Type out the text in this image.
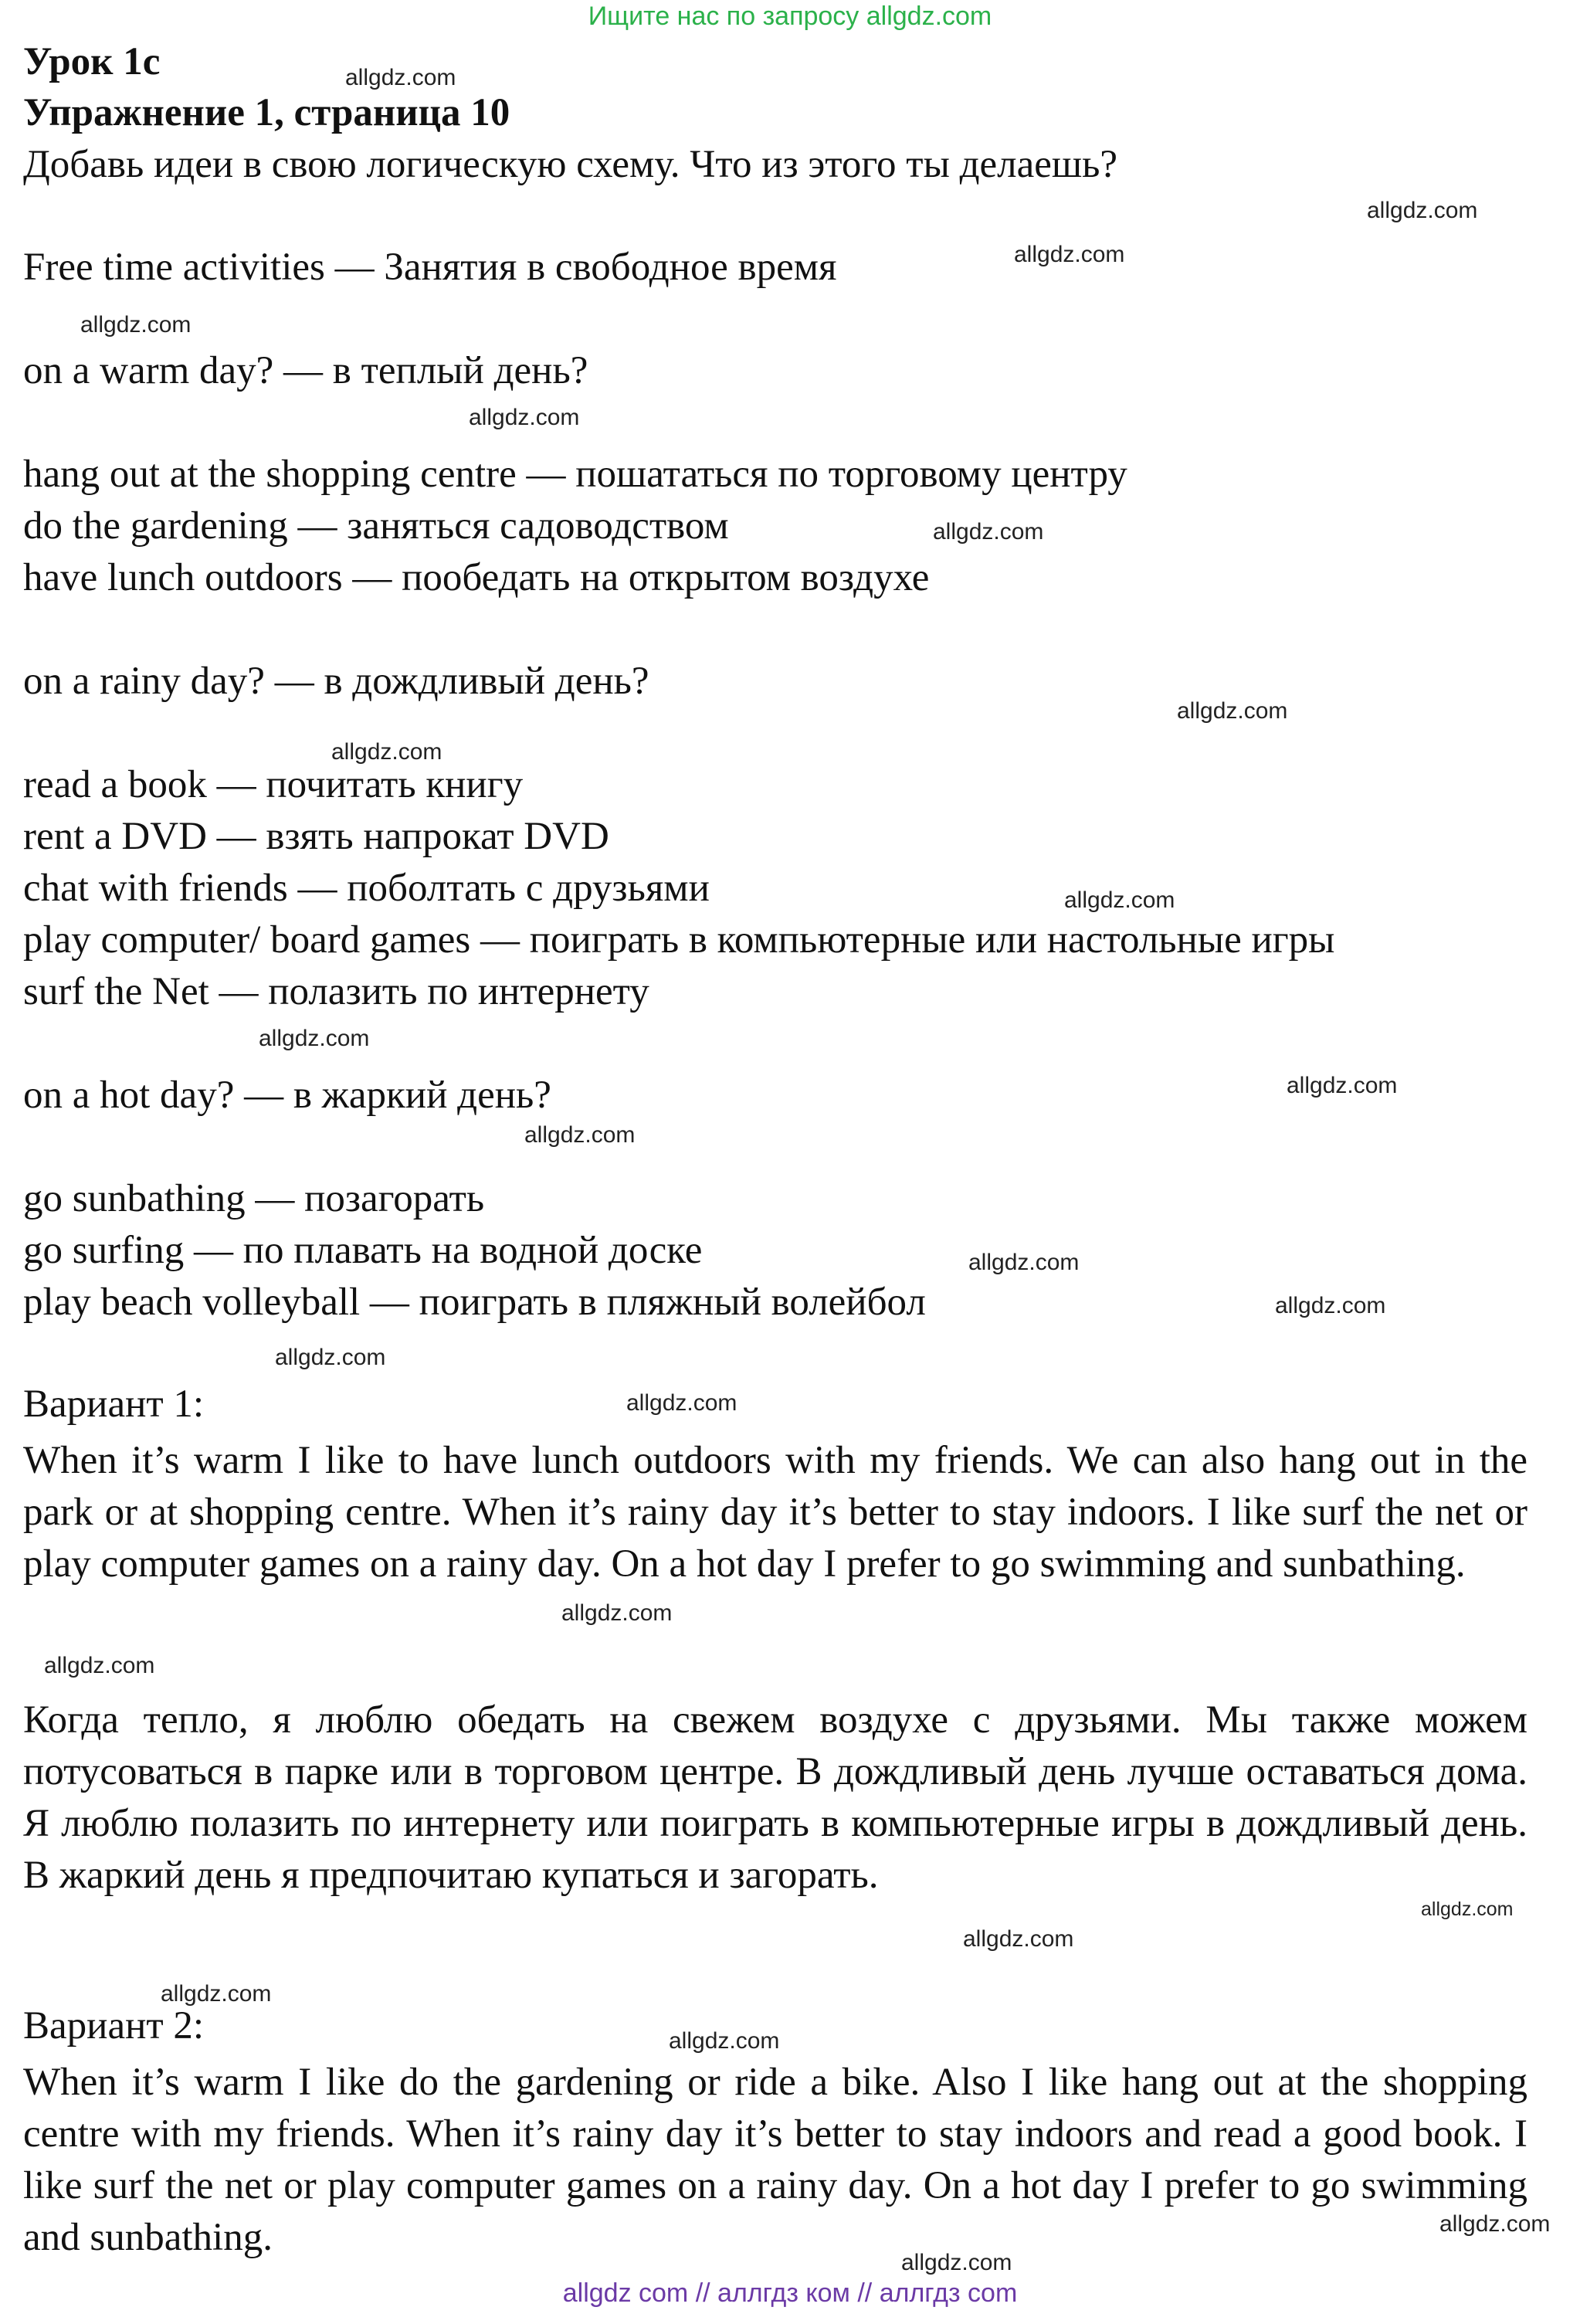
Ищите нас по запросу allgdz.com
Урок 1с
Упражнение 1, страница 10
Добавь идеи в свою логическую схему. Что из этого ты делаешь?
Free time activities — Занятия в свободное время
on a warm day? — в теплый день?
hang out at the shopping centre — пошататься по торговому центру
do the gardening — заняться садоводством
have lunch outdoors — пообедать на открытом воздухе
on a rainy day? — в дождливый день?
read a book — почитать книгу
rent a DVD — взять напрокат DVD
chat with friends — поболтать с друзьями
play computer/ board games — поиграть в компьютерные или настольные игры
surf the Net — полазить по интернету
on a hot day? — в жаркий день?
go sunbathing — позагорать
go surfing — по плавать на водной доске
play beach volleyball — поиграть в пляжный волейбол
Вариант 1:
When it’s warm I like to have lunch outdoors with my friends. We can also hang out in the park or at shopping centre. When it’s rainy day it’s better to stay indoors. I like surf the net or play computer games on a rainy day. On a hot day I prefer to go swimming and sunbathing.
Когда тепло, я люблю обедать на свежем воздухе с друзьями. Мы также можем потусоваться в парке или в торговом центре. В дождливый день лучше оставаться дома. Я люблю полазить по интернету или поиграть в компьютерные игры в дождливый день. В жаркий день я предпочитаю купаться и загорать.
Вариант 2:
When it’s warm I like do the gardening or ride a bike. Also I like hang out at the shopping centre with my friends. When it’s rainy day it’s better to stay indoors and read a good book. I like surf the net or play computer games on a rainy day. On a hot day I prefer to go swimming and sunbathing.
allgdz.com
allgdz.com
allgdz.com
allgdz.com
allgdz.com
allgdz.com
allgdz.com
allgdz.com
allgdz.com
allgdz.com
allgdz.com
allgdz.com
allgdz.com
allgdz.com
allgdz.com
allgdz.com
allgdz.com
allgdz.com
allgdz.com
allgdz.com
allgdz.com
allgdz.com
allgdz.com
allgdz.com
allgdz com // аллгдз ком // аллгдз com
